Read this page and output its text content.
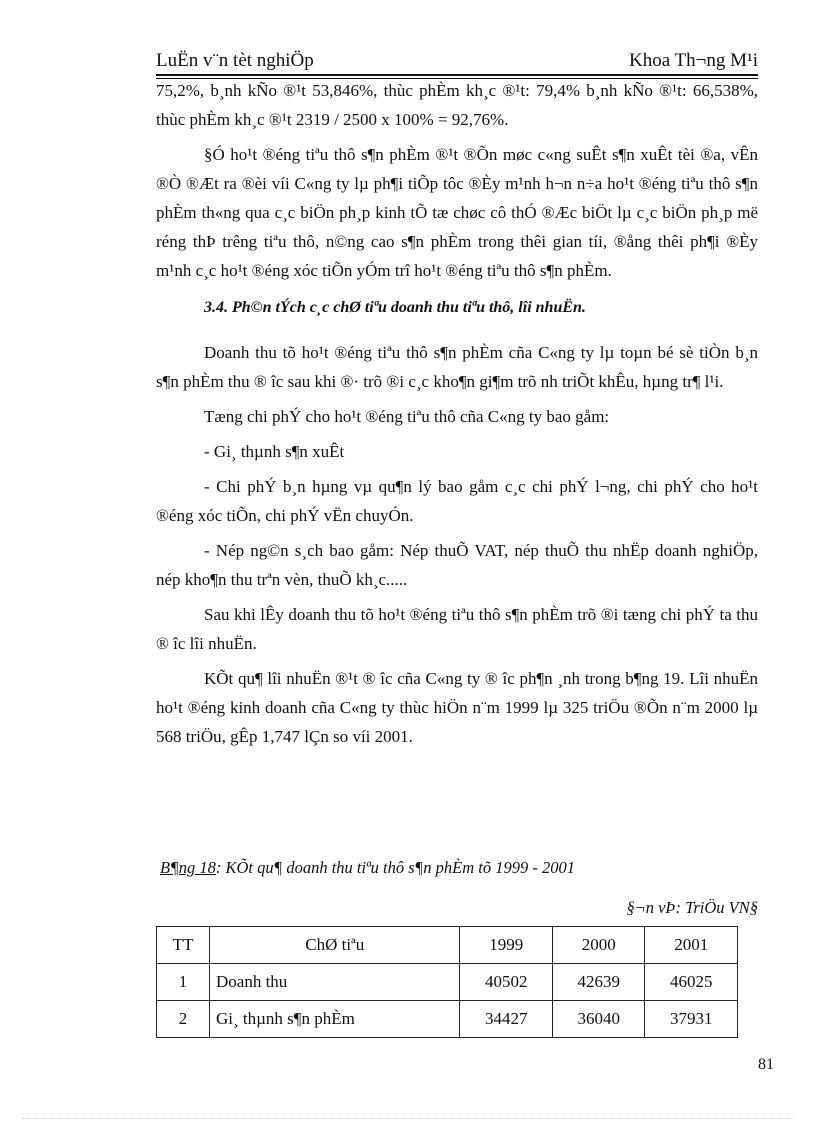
LuËn v¨n tèt nghiÖp	Khoa Th¬ng M¹i

75,2%, b¸nh kÑo ®¹t 53,846%, thùc phÈm kh¸c ®¹t: 79,4% b¸nh kÑo ®¹t: 66,538%, thùc phÈm kh¸c ®¹t 2319 / 2500 x 100% = 92,76%.

§Ó ho¹t ®éng tiªu thô s¶n phÈm ®¹t ®Õn møc c«ng suÊt s¶n xuÊt tèi ®a, vÊn ®Ò ®Æt ra ®èi víi C«ng ty lµ ph¶i tiÕp tôc ®Èy m¹nh h¬n n÷a ho¹t ®éng tiªu thô s¶n phÈm th«ng qua c¸c biÖn ph¸p kinh tÕ tæ chøc cô thÓ ®Æc biÖt lµ c¸c biÖn ph¸p më réng thÞ trêng tiªu thô, n©ng cao s¶n phÈm trong thêi gian tíi, ®ång thêi ph¶i ®Èy m¹nh c¸c ho¹t ®éng xóc tiÕn yÓm trî ho¹t ®éng tiªu thô s¶n phÈm.

3.4. Ph©n tÝch c¸c chØ tiªu doanh thu tiªu thô, lîi nhuËn.

Doanh thu tõ ho¹t ®éng tiªu thô s¶n phÈm cña C«ng ty lµ toµn bé sè tiÒn b¸n s¶n phÈm thu ® îc sau khi ®· trõ ®i c¸c kho¶n gi¶m trõ nh triÕt khÊu, hµng tr¶ l¹i.

Tæng chi phÝ cho ho¹t ®éng tiªu thô cña C«ng ty bao gåm:

- Gi¸ thµnh s¶n xuÊt

- Chi phÝ b¸n hµng vµ qu¶n lý bao gåm c¸c chi phÝ l¬ng, chi phÝ cho ho¹t ®éng xóc tiÕn, chi phÝ vËn chuyÓn.

- Nép ng©n s¸ch bao gåm: Nép thuÕ VAT, nép thuÕ thu nhËp doanh nghiÖp, nép kho¶n thu trªn vèn, thuÕ kh¸c.....

Sau khi lÊy doanh thu tõ ho¹t ®éng tiªu thô s¶n phÈm trõ ®i tæng chi phÝ ta thu ® îc lîi nhuËn.

KÕt qu¶ lîi nhuËn ®¹t ® îc cña C«ng ty ® îc ph¶n ¸nh trong b¶ng 19. Lîi nhuËn ho¹t ®éng kinh doanh cña C«ng ty thùc hiÖn n¨m 1999 lµ 325 triÖu ®Õn n¨m 2000 lµ 568 triÖu, gÊp 1,747 lÇn so víi 2001.

B¶ng 18: KÕt qu¶ doanh thu tiªu thô s¶n phÈm tõ 1999 - 2001
§¬n vÞ: TriÖu VN§
TT	ChØ tiªu	1999	2000	2001
1	Doanh thu	40502	42639	46025
2	Gi¸ thµnh s¶n phÈm	34427	36040	37931
81
